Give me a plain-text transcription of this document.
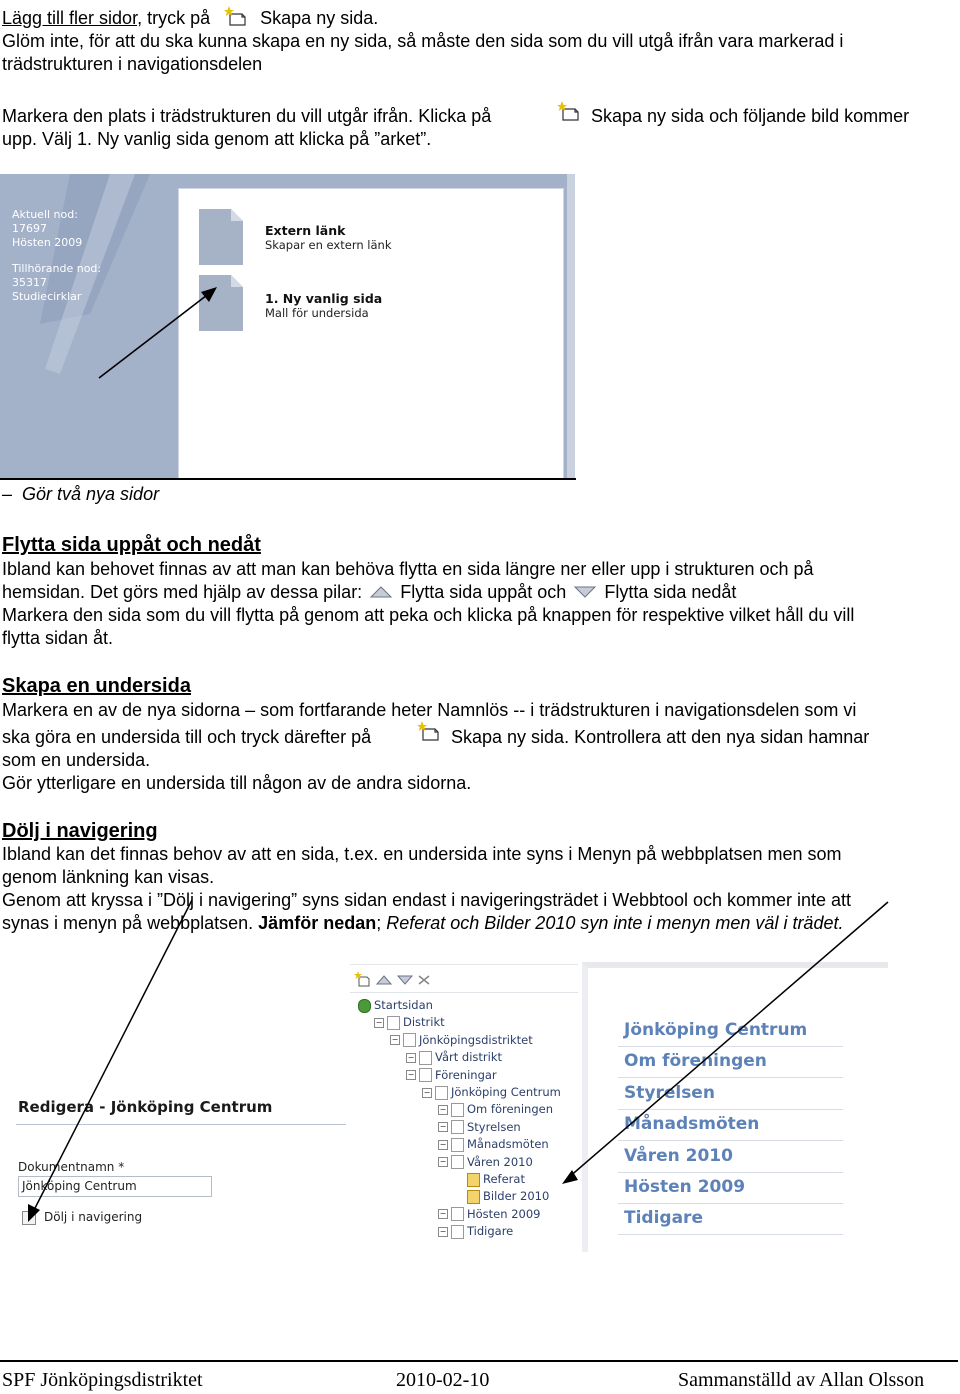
Lägg till fler sidor, tryck på	Skapa ny sida.
Glöm inte, för att du ska kunna skapa en ny sida, så måste den sida som du vill utgå ifrån vara markerad i
trädstrukturen i navigationsdelen
Markera den plats i trädstrukturen du vill utgår ifrån. Klicka på	Skapa ny sida och följande bild kommer
upp. Välj 1. Ny vanlig sida genom att klicka på ”arket”.
Aktuell nod:
17697
Hösten 2009
Tillhörande nod:
35317
Studiecirklar
Extern länk
Skapar en extern länk
1. Ny vanlig sida
Mall för undersida
–  Gör två nya sidor
Flytta sida uppåt och nedåt
Ibland kan behovet finnas av att man kan behöva flytta en sida längre ner eller upp i strukturen och på
hemsidan. Det görs med hjälp av dessa pilar: Flytta sida uppåt och Flytta sida nedåt
Markera den sida som du vill flytta på genom att peka och klicka på knappen för respektive vilket håll du vill
flytta sidan åt.
Skapa en undersida
Markera en av de nya sidorna – som fortfarande heter Namnlös -- i trädstrukturen i navigationsdelen som vi
ska göra en undersida till och tryck därefter på	Skapa ny sida. Kontrollera att den nya sidan hamnar
som en undersida.
Gör ytterligare en undersida till någon av de andra sidorna.
Dölj i navigering
Ibland kan det finnas behov av att en sida, t.ex. en undersida inte syns i Menyn på webbplatsen men som
genom länkning kan visas.
Genom att kryssa i ”Dölj i navigering” syns sidan endast i navigeringsträdet i Webbtool och kommer inte att
synas i menyn på webbplatsen. Jämför nedan; Referat och Bilder 2010 syn inte i menyn men väl i trädet.
Redigera - Jönköping Centrum
Dokumentnamn *
Jönköping Centrum
Dölj i navigering

Startsidan
− Distrikt
− Jönköpingsdistriktet
− Vårt distrikt
− Föreningar
− Jönköping Centrum
− Om föreningen
− Styrelsen
− Månadsmöten
− Våren 2010
Referat
Bilder 2010
− Hösten 2009
− Tidigare
Jönköping Centrum
Om föreningen
Styrelsen
Månadsmöten
Våren 2010
Hösten 2009
Tidigare
SPF Jönköpingsdistriktet	2010-02-10	Sammanställd av Allan Olsson
